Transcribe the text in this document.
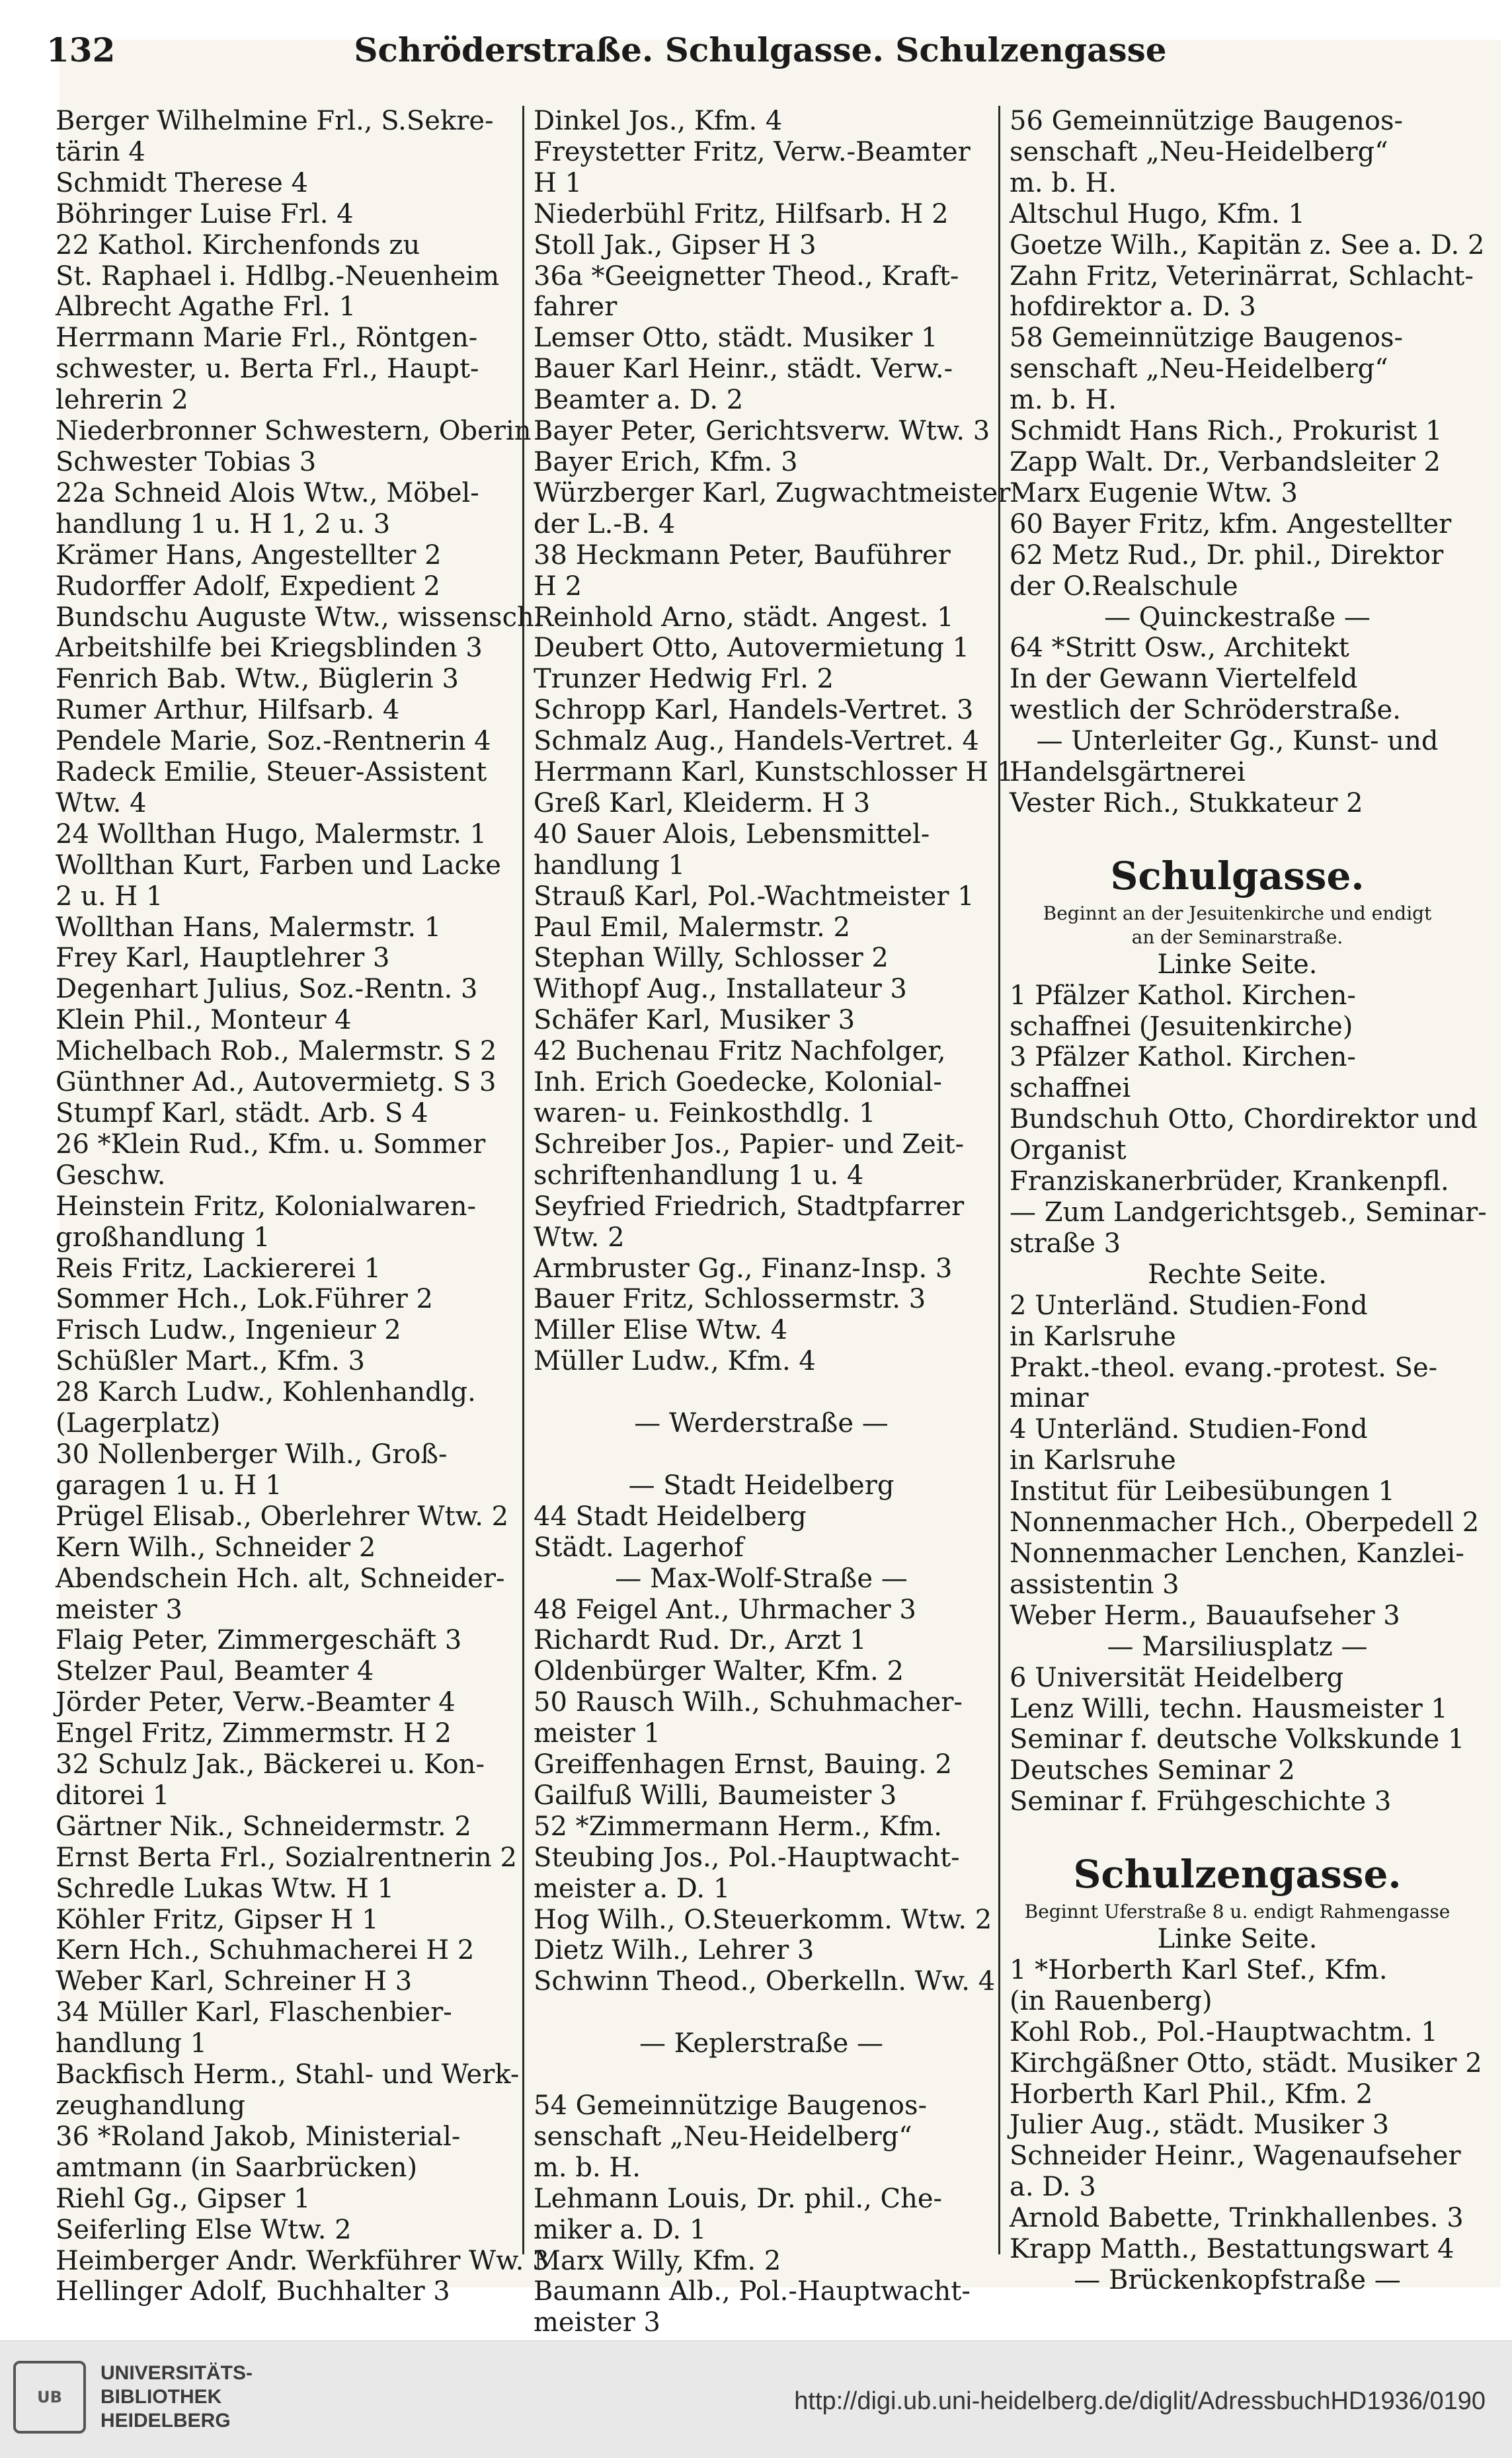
132	Schröderstraße. Schulgasse. Schulzengasse
Berger Wilhelmine Frl., S.Sekre-
tärin 4
Schmidt Therese 4
Böhringer Luise Frl. 4
22 Kathol. Kirchenfonds zu
St. Raphael i. Hdlbg.-Neuenheim
Albrecht Agathe Frl. 1
Herrmann Marie Frl., Röntgen-
schwester, u. Berta Frl., Haupt-
lehrerin 2
Niederbronner Schwestern, Oberin
Schwester Tobias 3
22a Schneid Alois Wtw., Möbel-
handlung 1 u. H 1, 2 u. 3
Krämer Hans, Angestellter 2
Rudorffer Adolf, Expedient 2
Bundschu Auguste Wtw., wissensch.
Arbeitshilfe bei Kriegsblinden 3
Fenrich Bab. Wtw., Büglerin 3
Rumer Arthur, Hilfsarb. 4
Pendele Marie, Soz.-Rentnerin 4
Radeck Emilie, Steuer-Assistent
Wtw. 4
24 Wollthan Hugo, Malermstr. 1
Wollthan Kurt, Farben und Lacke
2 u. H 1
Wollthan Hans, Malermstr. 1
Frey Karl, Hauptlehrer 3
Degenhart Julius, Soz.-Rentn. 3
Klein Phil., Monteur 4
Michelbach Rob., Malermstr. S 2
Günthner Ad., Autovermietg. S 3
Stumpf Karl, städt. Arb. S 4
26 *Klein Rud., Kfm. u. Sommer
Geschw.
Heinstein Fritz, Kolonialwaren-
großhandlung 1
Reis Fritz, Lackiererei 1
Sommer Hch., Lok.Führer 2
Frisch Ludw., Ingenieur 2
Schüßler Mart., Kfm. 3
28 Karch Ludw., Kohlenhandlg.
(Lagerplatz)
30 Nollenberger Wilh., Groß-
garagen 1 u. H 1
Prügel Elisab., Oberlehrer Wtw. 2
Kern Wilh., Schneider 2
Abendschein Hch. alt, Schneider-
meister 3
Flaig Peter, Zimmergeschäft 3
Stelzer Paul, Beamter 4
Jörder Peter, Verw.-Beamter 4
Engel Fritz, Zimmermstr. H 2
32 Schulz Jak., Bäckerei u. Kon-
ditorei 1
Gärtner Nik., Schneidermstr. 2
Ernst Berta Frl., Sozialrentnerin 2
Schredle Lukas Wtw. H 1
Köhler Fritz, Gipser H 1
Kern Hch., Schuhmacherei H 2
Weber Karl, Schreiner H 3
34 Müller Karl, Flaschenbier-
handlung 1
Backfisch Herm., Stahl- und Werk-
zeughandlung
36 *Roland Jakob, Ministerial-
amtmann (in Saarbrücken)
Riehl Gg., Gipser 1
Seiferling Else Wtw. 2
Heimberger Andr. Werkführer Ww. 3
Hellinger Adolf, Buchhalter 3
Dinkel Jos., Kfm. 4
Freystetter Fritz, Verw.-Beamter
H 1
Niederbühl Fritz, Hilfsarb. H 2
Stoll Jak., Gipser H 3
36a *Geeignetter Theod., Kraft-
fahrer
Lemser Otto, städt. Musiker 1
Bauer Karl Heinr., städt. Verw.-
Beamter a. D. 2
Bayer Peter, Gerichtsverw. Wtw. 3
Bayer Erich, Kfm. 3
Würzberger Karl, Zugwachtmeister
der L.-B. 4
38 Heckmann Peter, Bauführer
H 2
Reinhold Arno, städt. Angest. 1
Deubert Otto, Autovermietung 1
Trunzer Hedwig Frl. 2
Schropp Karl, Handels-Vertret. 3
Schmalz Aug., Handels-Vertret. 4
Herrmann Karl, Kunstschlosser H 1
Greß Karl, Kleiderm. H 3
40 Sauer Alois, Lebensmittel-
handlung 1
Strauß Karl, Pol.-Wachtmeister 1
Paul Emil, Malermstr. 2
Stephan Willy, Schlosser 2
Withopf Aug., Installateur 3
Schäfer Karl, Musiker 3
42 Buchenau Fritz Nachfolger,
Inh. Erich Goedecke, Kolonial-
waren- u. Feinkosthdlg. 1
Schreiber Jos., Papier- und Zeit-
schriftenhandlung 1 u. 4
Seyfried Friedrich, Stadtpfarrer
Wtw. 2
Armbruster Gg., Finanz-Insp. 3
Bauer Fritz, Schlossermstr. 3
Miller Elise Wtw. 4
Müller Ludw., Kfm. 4

— Werderstraße —

— Stadt Heidelberg
44 Stadt Heidelberg
Städt. Lagerhof
— Max-Wolf-Straße —
48 Feigel Ant., Uhrmacher 3
Richardt Rud. Dr., Arzt 1
Oldenbürger Walter, Kfm. 2
50 Rausch Wilh., Schuhmacher-
meister 1
Greiffenhagen Ernst, Bauing. 2
Gailfuß Willi, Baumeister 3
52 *Zimmermann Herm., Kfm.
Steubing Jos., Pol.-Hauptwacht-
meister a. D. 1
Hog Wilh., O.Steuerkomm. Wtw. 2
Dietz Wilh., Lehrer 3
Schwinn Theod., Oberkelln. Ww. 4

— Keplerstraße —

54 Gemeinnützige Baugenos-
senschaft „Neu-Heidelberg“
m. b. H.
Lehmann Louis, Dr. phil., Che-
miker a. D. 1
Marx Willy, Kfm. 2
Baumann Alb., Pol.-Hauptwacht-
meister 3
56 Gemeinnützige Baugenos-
senschaft „Neu-Heidelberg“
m. b. H.
Altschul Hugo, Kfm. 1
Goetze Wilh., Kapitän z. See a. D. 2
Zahn Fritz, Veterinärrat, Schlacht-
hofdirektor a. D. 3
58 Gemeinnützige Baugenos-
senschaft „Neu-Heidelberg“
m. b. H.
Schmidt Hans Rich., Prokurist 1
Zapp Walt. Dr., Verbandsleiter 2
Marx Eugenie Wtw. 3
60 Bayer Fritz, kfm. Angestellter
62 Metz Rud., Dr. phil., Direktor
der O.Realschule
— Quinckestraße —
64 *Stritt Osw., Architekt
In der Gewann Viertelfeld
westlich der Schröderstraße.
— Unterleiter Gg., Kunst- und
Handelsgärtnerei
Vester Rich., Stukkateur 2

Schulgasse.
Beginnt an der Jesuitenkirche und endigt
an der Seminarstraße.
Linke Seite.
1 Pfälzer Kathol. Kirchen-
schaffnei (Jesuitenkirche)
3 Pfälzer Kathol. Kirchen-
schaffnei
Bundschuh Otto, Chordirektor und
Organist
Franziskanerbrüder, Krankenpfl.
— Zum Landgerichtsgeb., Seminar-
straße 3
Rechte Seite.
2 Unterländ. Studien-Fond
in Karlsruhe
Prakt.-theol. evang.-protest. Se-
minar
4 Unterländ. Studien-Fond
in Karlsruhe
Institut für Leibesübungen 1
Nonnenmacher Hch., Oberpedell 2
Nonnenmacher Lenchen, Kanzlei-
assistentin 3
Weber Herm., Bauaufseher 3
— Marsiliusplatz —
6 Universität Heidelberg
Lenz Willi, techn. Hausmeister 1
Seminar f. deutsche Volkskunde 1
Deutsches Seminar 2
Seminar f. Frühgeschichte 3

Schulzengasse.
Beginnt Uferstraße 8 u. endigt Rahmengasse
Linke Seite.
1 *Horberth Karl Stef., Kfm.
(in Rauenberg)
Kohl Rob., Pol.-Hauptwachtm. 1
Kirchgäßner Otto, städt. Musiker 2
Horberth Karl Phil., Kfm. 2
Julier Aug., städt. Musiker 3
Schneider Heinr., Wagenaufseher
a. D. 3
Arnold Babette, Trinkhallenbes. 3
Krapp Matth., Bestattungswart 4
— Brückenkopfstraße —
UB
UNIVERSITÄTS-
BIBLIOTHEK
HEIDELBERG
http://digi.ub.uni-heidelberg.de/diglit/AdressbuchHD1936/0190
